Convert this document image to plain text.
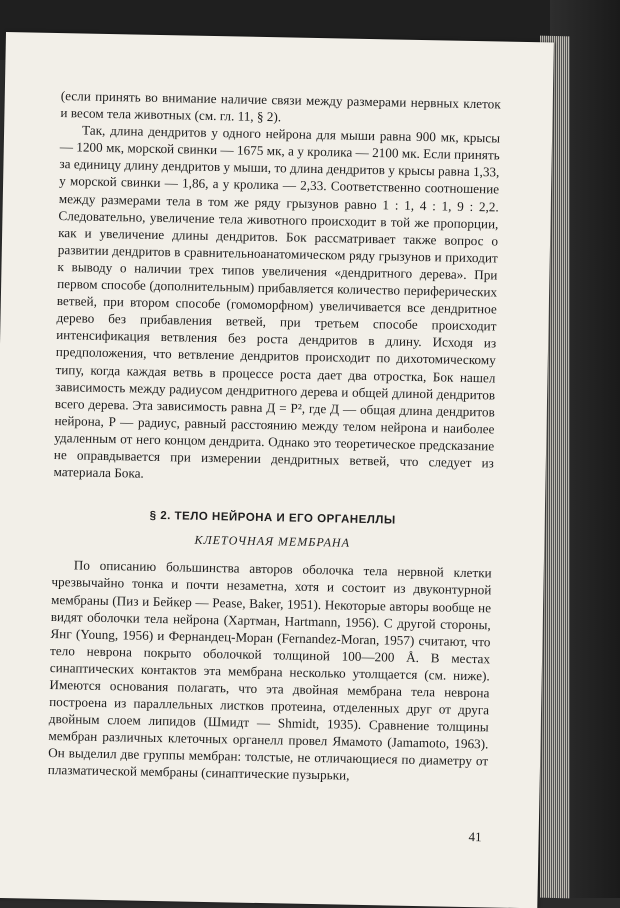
(если принять во внимание наличие связи между размерами нервных клеток и весом тела животных (см. гл. 11, § 2).

Так, длина дендритов у одного нейрона для мыши равна 900 мк, крысы — 1200 мк, морской свинки — 1675 мк, а у кролика — 2100 мк. Если принять за единицу длину дендритов у мыши, то длина дендритов у крысы равна 1,33, у морской свинки — 1,86, а у кролика — 2,33. Соответственно соотношение между размерами тела в том же ряду грызунов равно 1 : 1, 4 : 1, 9 : 2,2. Следовательно, увеличение тела животного происходит в той же пропорции, как и увеличение длины дендритов. Бок рассматривает также вопрос о развитии дендритов в сравнительноанатомическом ряду грызунов и приходит к выводу о наличии трех типов увеличения «дендритного дерева». При первом способе (дополнительным) прибавляется количество периферических ветвей, при втором способе (гомоморфном) увеличивается все дендритное дерево без прибавления ветвей, при третьем способе происходит интенсификация ветвления без роста дендритов в длину. Исходя из предположения, что ветвление дендритов происходит по дихотомическому типу, когда каждая ветвь в процессе роста дает два отростка, Бок нашел зависимость между радиусом дендритного дерева и общей длиной дендритов всего дерева. Эта зависимость равна Д = P², где Д — общая длина дендритов нейрона, P — радиус, равный расстоянию между телом нейрона и наиболее удаленным от него концом дендрита. Однако это теоретическое предсказание не оправдывается при измерении дендритных ветвей, что следует из материала Бока.

§ 2. ТЕЛО НЕЙРОНА И ЕГО ОРГАНЕЛЛЫ
КЛЕТОЧНАЯ МЕМБРАНА

По описанию большинства авторов оболочка тела нервной клетки чрезвычайно тонка и почти незаметна, хотя и состоит из двуконтурной мембраны (Пиз и Бейкер — Pease, Baker, 1951). Некоторые авторы вообще не видят оболочки тела нейрона (Хартман, Hartmann, 1956). С другой стороны, Янг (Young, 1956) и Фернандец-Моран (Fernandez-Moran, 1957) считают, что тело неврона покрыто оболочкой толщиной 100—200 Å. В местах синаптических контактов эта мембрана несколько утолщается (см. ниже). Имеются основания полагать, что эта двойная мембрана тела неврона построена из параллельных листков протеина, отделенных друг от друга двойным слоем липидов (Шмидт — Shmidt, 1935). Сравнение толщины мембран различных клеточных органелл провел Ямамото (Jamamoto, 1963). Он выделил две группы мембран: толстые, не отличающиеся по диаметру от плазматической мембраны (синаптические пузырьки,

41
